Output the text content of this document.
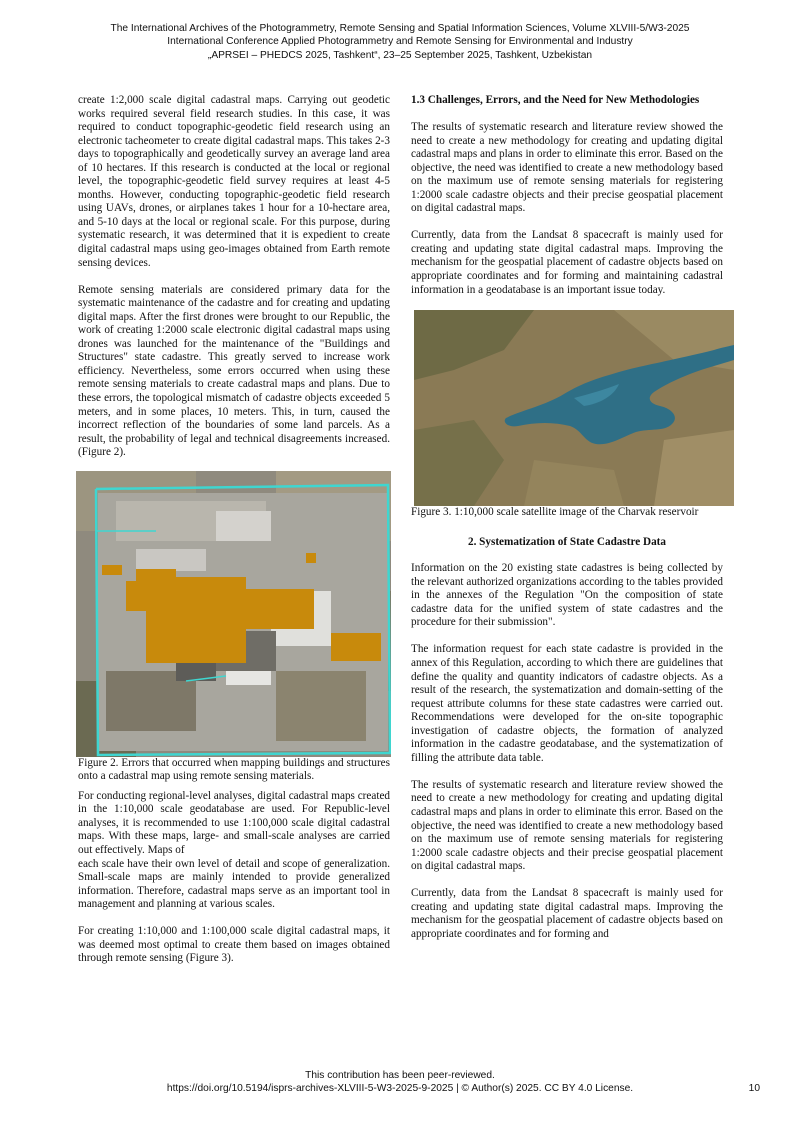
The International Archives of the Photogrammetry, Remote Sensing and Spatial Information Sciences, Volume XLVIII-5/W3-2025
International Conference Applied Photogrammetry and Remote Sensing for Environmental and Industry
„APRSEI – PHEDCS 2025, Tashkent“, 23–25 September 2025, Tashkent, Uzbekistan

create 1:2,000 scale digital cadastral maps. Carrying out geodetic works required several field research studies. In this case, it was required to conduct topographic-geodetic field research using an electronic tacheometer to create digital cadastral maps. This takes 2-3 days to topographically and geodetically survey an average land area of 10 hectares. If this research is conducted at the local or regional level, the topographic-geodetic field survey requires at least 4-5 months. However, conducting topographic-geodetic field research using UAVs, drones, or airplanes takes 1 hour for a 10-hectare area, and 5-10 days at the local or regional scale. For this purpose, during systematic research, it was determined that it is expedient to create digital cadastral maps using geo-images obtained from Earth remote sensing devices.

Remote sensing materials are considered primary data for the systematic maintenance of the cadastre and for creating and updating digital maps. After the first drones were brought to our Republic, the work of creating 1:2000 scale electronic digital cadastral maps using drones was launched for the maintenance of the "Buildings and Structures" state cadastre. This greatly served to increase work efficiency. Nevertheless, some errors occurred when using these remote sensing materials to create cadastral maps and plans. Due to these errors, the topological mismatch of cadastre objects exceeded 5 meters, and in some places, 10 meters. This, in turn, caused the incorrect reflection of the boundaries of some land parcels. As a result, the probability of legal and technical disagreements increased. (Figure 2).

Figure 2. Errors that occurred when mapping buildings and structures onto a cadastral map using remote sensing materials.

For conducting regional-level analyses, digital cadastral maps created in the 1:10,000 scale geodatabase are used. For Republic-level analyses, it is recommended to use 1:100,000 scale digital cadastral maps. With these maps, large- and small-scale analyses are carried out effectively. Maps of

each scale have their own level of detail and scope of generalization. Small-scale maps are mainly intended to provide generalized information. Therefore, cadastral maps serve as an important tool in management and planning at various scales.

For creating 1:10,000 and 1:100,000 scale digital cadastral maps, it was deemed most optimal to create them based on images obtained through remote sensing (Figure 3).

1.3 Challenges, Errors, and the Need for New Methodologies

The results of systematic research and literature review showed the need to create a new methodology for creating and updating digital cadastral maps and plans in order to eliminate this error. Based on the objective, the need was identified to create a new methodology based on the maximum use of remote sensing materials for registering 1:2000 scale cadastre objects and their precise geospatial placement on digital cadastral maps.

Currently, data from the Landsat 8 spacecraft is mainly used for creating and updating state digital cadastral maps. Improving the mechanism for the geospatial placement of cadastre objects based on appropriate coordinates and for forming and maintaining cadastral information in a geodatabase is an important issue today.

Figure 3. 1:10,000 scale satellite image of the Charvak reservoir

2. Systematization of State Cadastre Data

Information on the 20 existing state cadastres is being collected by the relevant authorized organizations according to the tables provided in the annexes of the Regulation "On the composition of state cadastre data for the unified system of state cadastres and the procedure for their submission".

The information request for each state cadastre is provided in the annex of this Regulation, according to which there are guidelines that define the quality and quantity indicators of cadastre objects. As a result of the research, the systematization and domain-setting of the request attribute columns for these state cadastres were carried out. Recommendations were developed for the on-site topographic investigation of cadastre objects, the formation of analyzed information in the cadastre geodatabase, and the systematization of filling the attribute data table.

The results of systematic research and literature review showed the need to create a new methodology for creating and updating digital cadastral maps and plans in order to eliminate this error. Based on the objective, the need was identified to create a new methodology based on the maximum use of remote sensing materials for registering 1:2000 scale cadastre objects and their precise geospatial placement on digital cadastral maps.

Currently, data from the Landsat 8 spacecraft is mainly used for creating and updating state digital cadastral maps. Improving the mechanism for the geospatial placement of cadastre objects based on appropriate coordinates and for forming and

This contribution has been peer-reviewed.
https://doi.org/10.5194/isprs-archives-XLVIII-5-W3-2025-9-2025 | © Author(s) 2025. CC BY 4.0 License.	10
